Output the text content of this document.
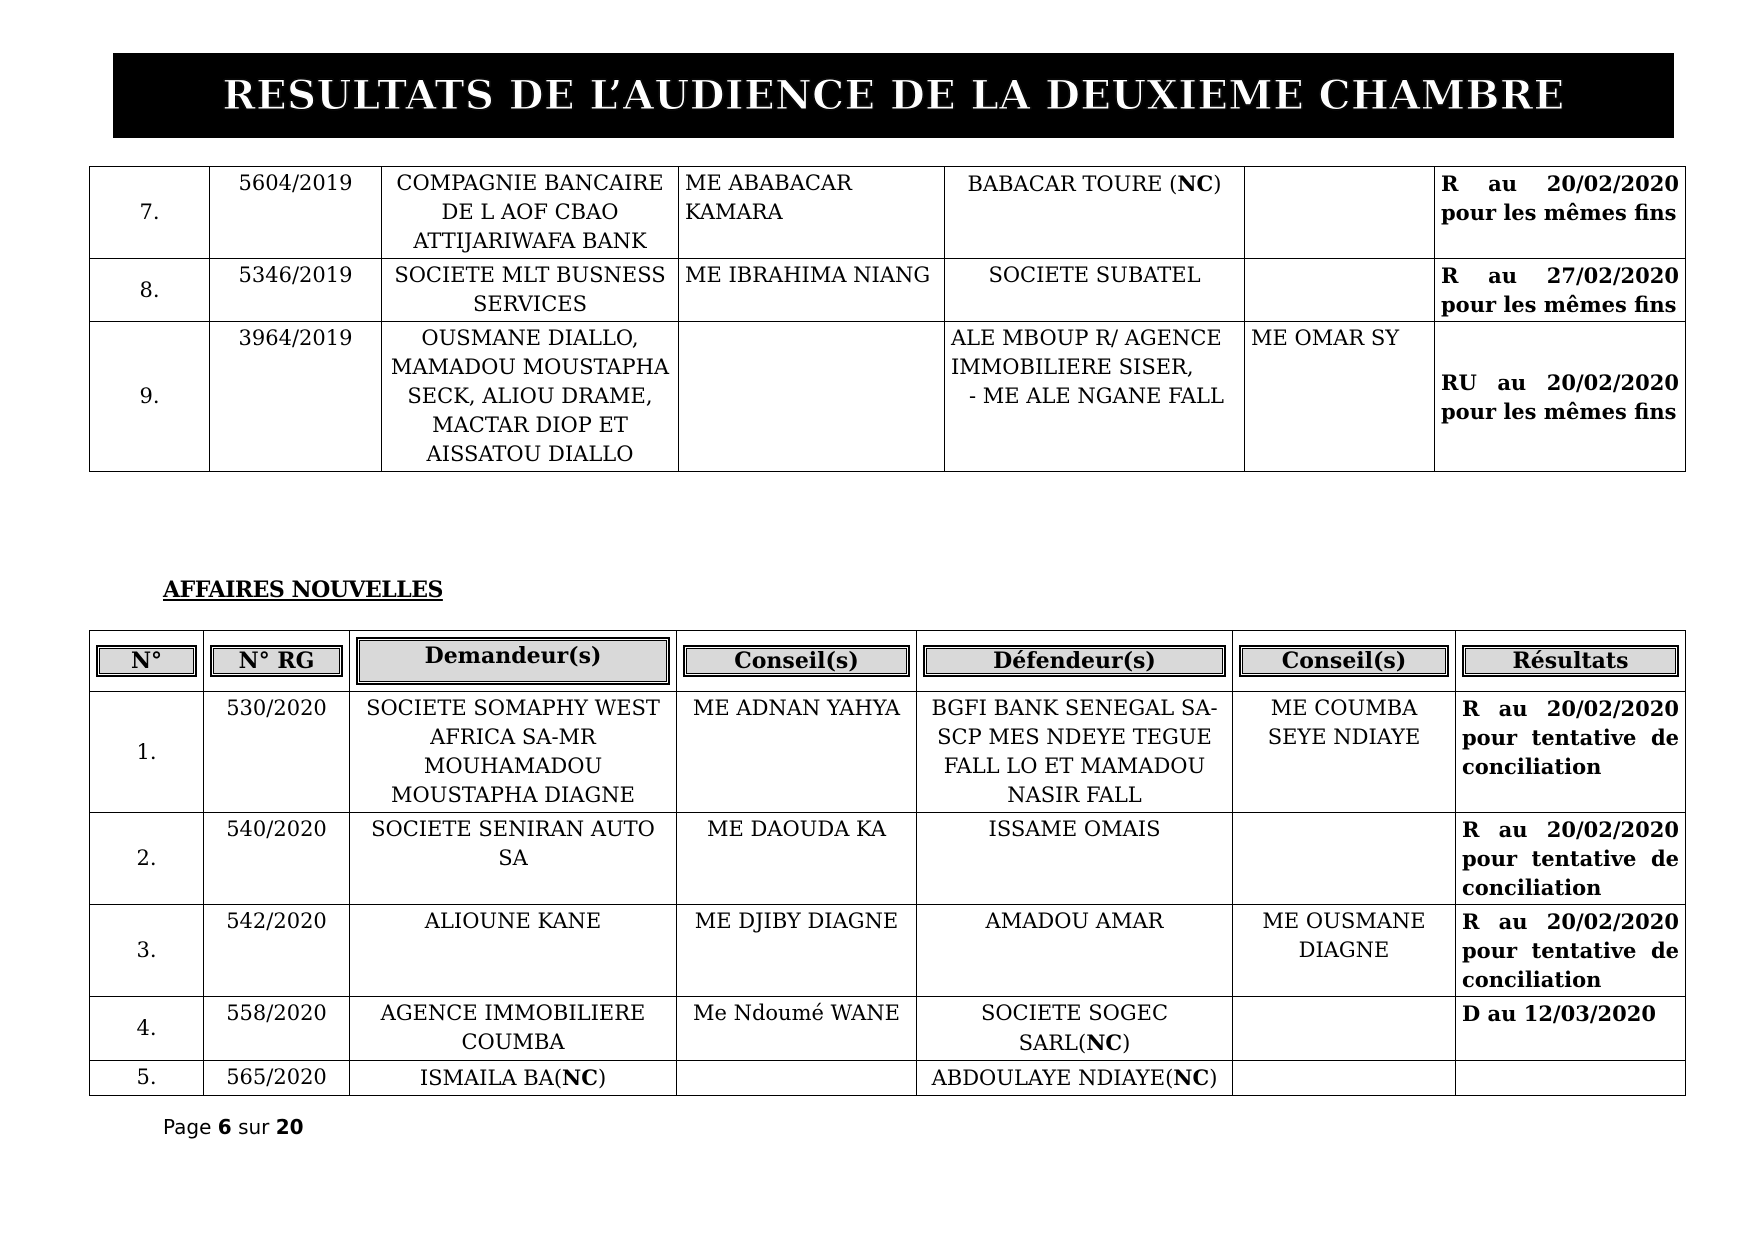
RESULTATS DE L’AUDIENCE DE LA DEUXIEME CHAMBRE
7.	5604/2019	COMPAGNIE BANCAIRE DE L AOF CBAO ATTIJARIWAFA BANK	ME ABABACAR KAMARA	BABACAR TOURE (NC)		R au 20/02/2020 pour les mêmes fins
8.	5346/2019	SOCIETE MLT BUSNESS SERVICES	ME IBRAHIMA NIANG	SOCIETE SUBATEL		R au 27/02/2020 pour les mêmes fins
9.	3964/2019	OUSMANE DIALLO, MAMADOU MOUSTAPHA SECK, ALIOU DRAME, MACTAR DIOP ET AISSATOU DIALLO		ALE MBOUP R/ AGENCE IMMOBILIERE SISER,
- ME ALE NGANE FALL	ME OMAR SY	RU au 20/02/2020 pour les mêmes fins
AFFAIRES NOUVELLES
N°	N° RG	Demandeur(s)	Conseil(s)	Défendeur(s)	Conseil(s)	Résultats

1.	530/2020	SOCIETE SOMAPHY WEST AFRICA SA-MR MOUHAMADOU MOUSTAPHA DIAGNE	ME ADNAN YAHYA	BGFI BANK SENEGAL SA-SCP MES NDEYE TEGUE FALL LO ET MAMADOU NASIR FALL	ME COUMBA SEYE NDIAYE	R au 20/02/2020 pour tentative de conciliation
2.	540/2020	SOCIETE SENIRAN AUTO SA	ME DAOUDA KA	ISSAME OMAIS		R au 20/02/2020 pour tentative de conciliation
3.	542/2020	ALIOUNE KANE	ME DJIBY DIAGNE	AMADOU AMAR	ME OUSMANE DIAGNE	R au 20/02/2020 pour tentative de conciliation
4.	558/2020	AGENCE IMMOBILIERE COUMBA	Me Ndoumé WANE	SOCIETE SOGEC SARL(NC)		D au 12/03/2020
5.	565/2020	ISMAILA BA(NC)		ABDOULAYE NDIAYE(NC)		
Page 6 sur 20
